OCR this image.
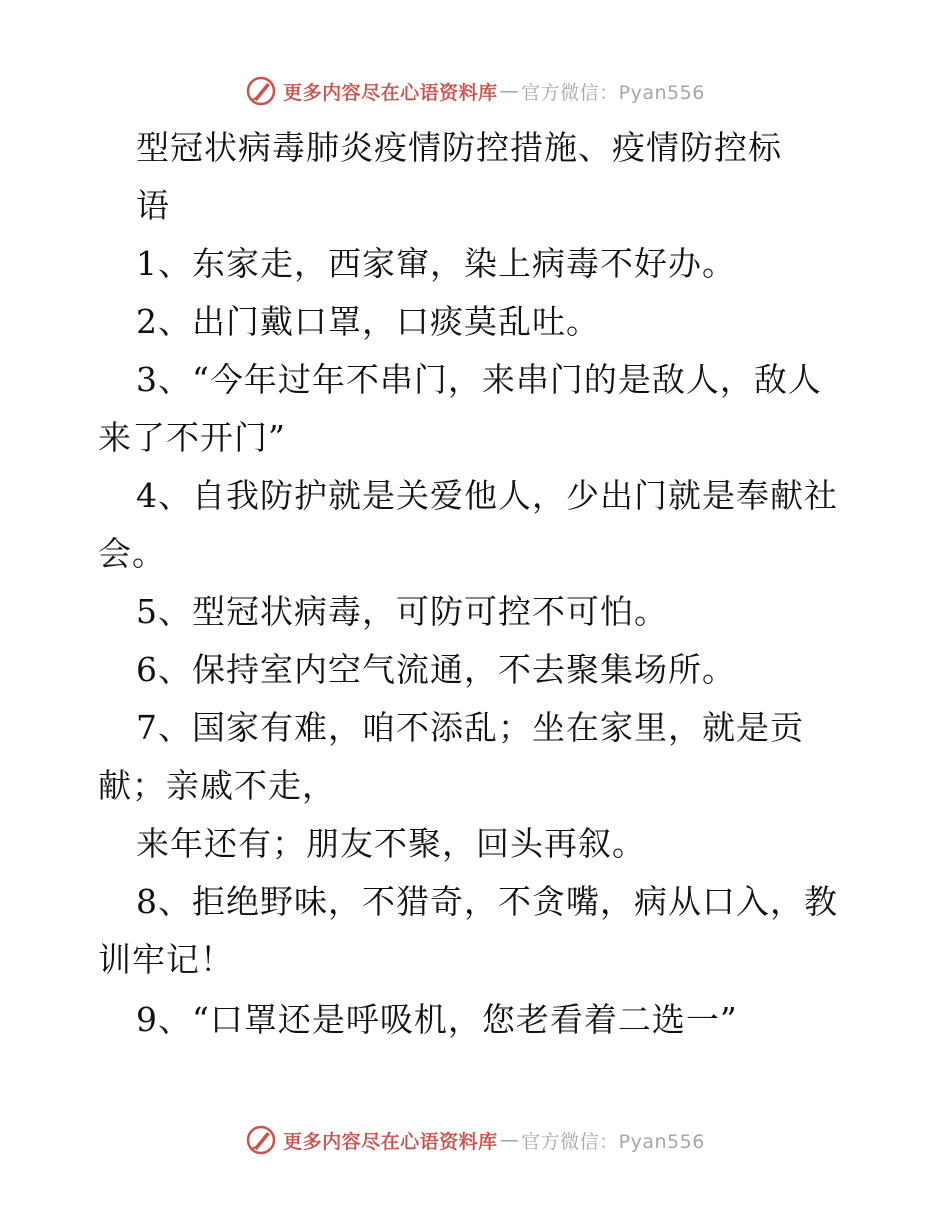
更多内容尽在心语资料库 — 官方微信：Pyan556
型冠状病毒肺炎疫情防控措施、疫情防控标
语
1、东家走，西家窜，染上病毒不好办。
2、出门戴口罩，口痰莫乱吐。
3、“今年过年不串门，来串门的是敌人，敌人
来了不开门”
4、自我防护就是关爱他人，少出门就是奉献社
会。
5、型冠状病毒，可防可控不可怕。
6、保持室内空气流通，不去聚集场所。
7、国家有难，咱不添乱；坐在家里，就是贡
献；亲戚不走，
来年还有；朋友不聚，回头再叙。
8、拒绝野味，不猎奇，不贪嘴，病从口入，教
训牢记！
9、“口罩还是呼吸机，您老看着二选一”
更多内容尽在心语资料库 — 官方微信：Pyan556
